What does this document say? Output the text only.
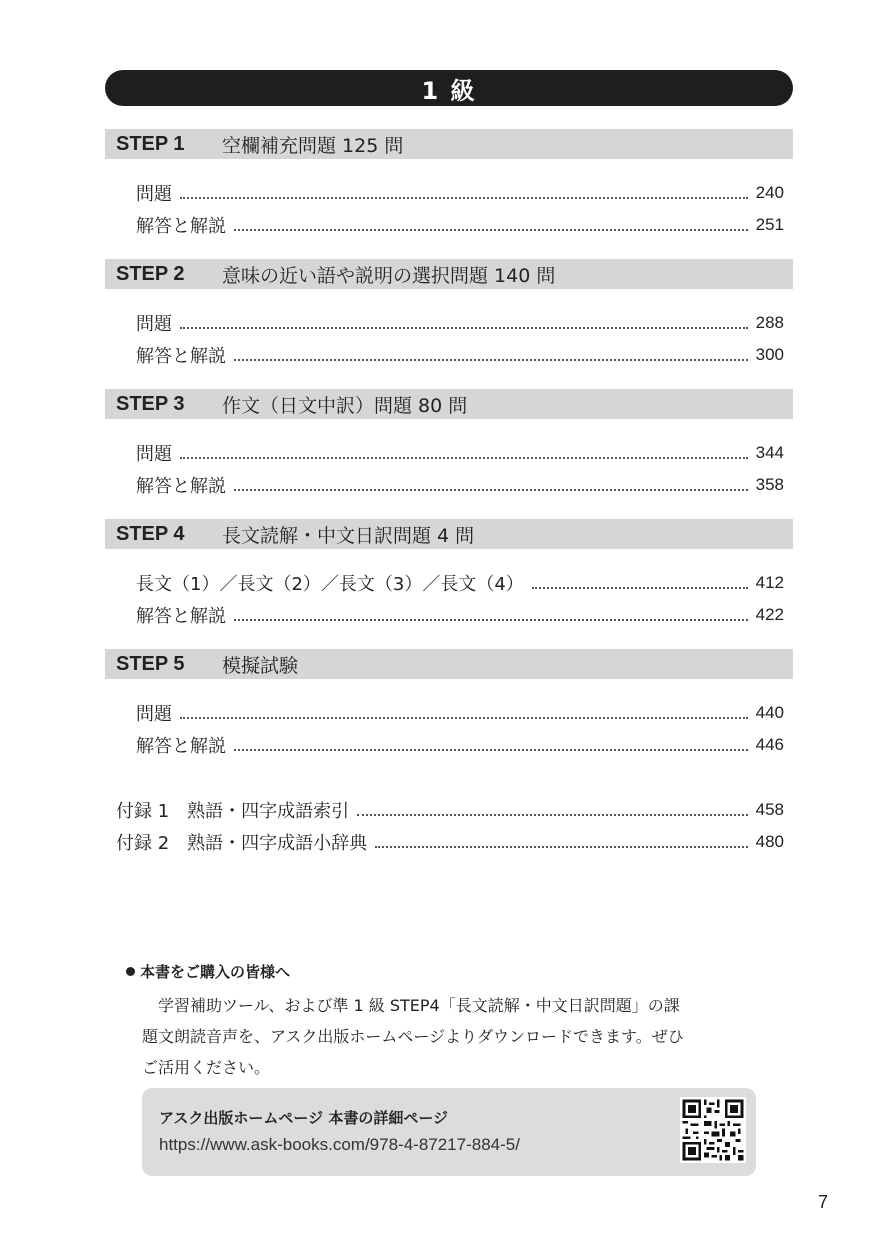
1 級
STEP 1	空欄補充問題 125 問
問題	240
解答と解説	251
STEP 2	意味の近い語や説明の選択問題 140 問
問題	288
解答と解説	300
STEP 3	作文（日文中訳）問題 80 問
問題	344
解答と解説	358
STEP 4	長文読解・中文日訳問題 4 問
長文（1）／長文（2）／長文（3）／長文（4）	412
解答と解説	422
STEP 5	模擬試験
問題	440
解答と解説	446
付録 1　熟語・四字成語索引	458
付録 2　熟語・四字成語小辞典	480
本書をご購入の皆様へ

学習補助ツール、および準 1 級 STEP4「長文読解・中文日訳問題」の課

題文朗読音声を、アスク出版ホームページよりダウンロードできます。ぜひ

ご活用ください。

アスク出版ホームページ 本書の詳細ページ
https://www.ask-books.com/978-4-87217-884-5/
7
